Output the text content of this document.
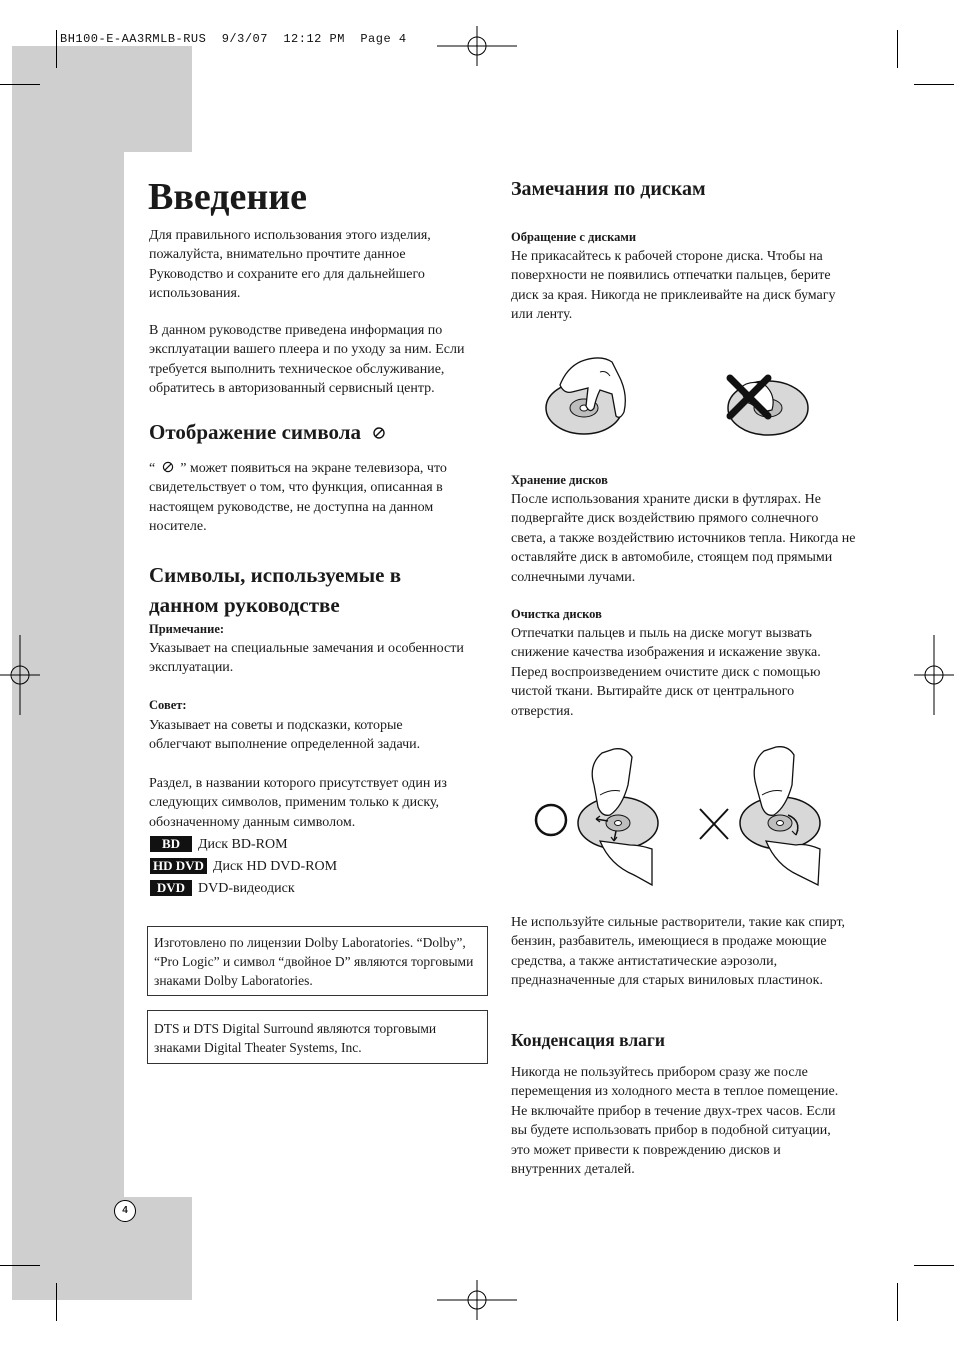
BH100-E-AA3RMLB-RUS  9/3/07  12:12 PM  Page 4
Введение

Для правильного использования этого изделия, пожалуйста, внимательно прочтите данное Руководство и сохраните его для дальнейшего использования.

В данном руководстве приведена информация по эксплуатации вашего плеера и по уходу за ним. Если требуется выполнить техническое обслуживание, обратитесь в авторизованный сервисный центр.

Отображение символа

“ ” может появиться на экране телевизора, что свидетельствует о том, что функция, описанная в настоящем руководстве, не доступна на данном носителе.

Символы, используемые в данном руководстве
Примечание:

Указывает на специальные замечания и особенности эксплуатации.

Совет:

Указывает на советы и подсказки, которые облегчают выполнение определенной задачи.

Раздел, в названии которого присутствует один из следующих символов, применим только к диску, обозначенному данным символом.

BD Диск BD-ROM
HD DVD Диск HD DVD-ROM
DVD DVD-видеодиск
Изготовлено по лицензии Dolby Laboratories. “Dolby”, “Pro Logic” и символ “двойное D” являются торговыми знаками Dolby Laboratories.
DTS и DTS Digital Surround являются торговыми знаками Digital Theater Systems, Inc.
4
Замечания по дискам
Обращение с дисками

Не прикасайтесь к рабочей стороне диска. Чтобы на поверхности не появились отпечатки пальцев, берите диск за края. Никогда не приклеивайте на диск бумагу или ленту.

Хранение дисков

После использования храните диски в футлярах. Не подвергайте диск воздействию прямого солнечного света, а также воздействию источников тепла. Никогда не оставляйте диск в автомобиле, стоящем под прямыми солнечными лучами.

Очистка дисков

Отпечатки пальцев и пыль на диске могут вызвать снижение качества изображения и искажение звука. Перед воспроизведением очистите диск с помощью чистой ткани. Вытирайте диск от центрального отверстия.

Не используйте сильные растворители, такие как спирт, бензин, разбавитель, имеющиеся в продаже моющие средства, а также антистатические аэрозоли, предназначенные для старых виниловых пластинок.

Конденсация влаги

Никогда не пользуйтесь прибором сразу же после перемещения из холодного места в теплое помещение. Не включайте прибор в течение двух-трех часов. Если вы будете использовать прибор в подобной ситуации, это может привести к повреждению дисков и внутренних деталей.
